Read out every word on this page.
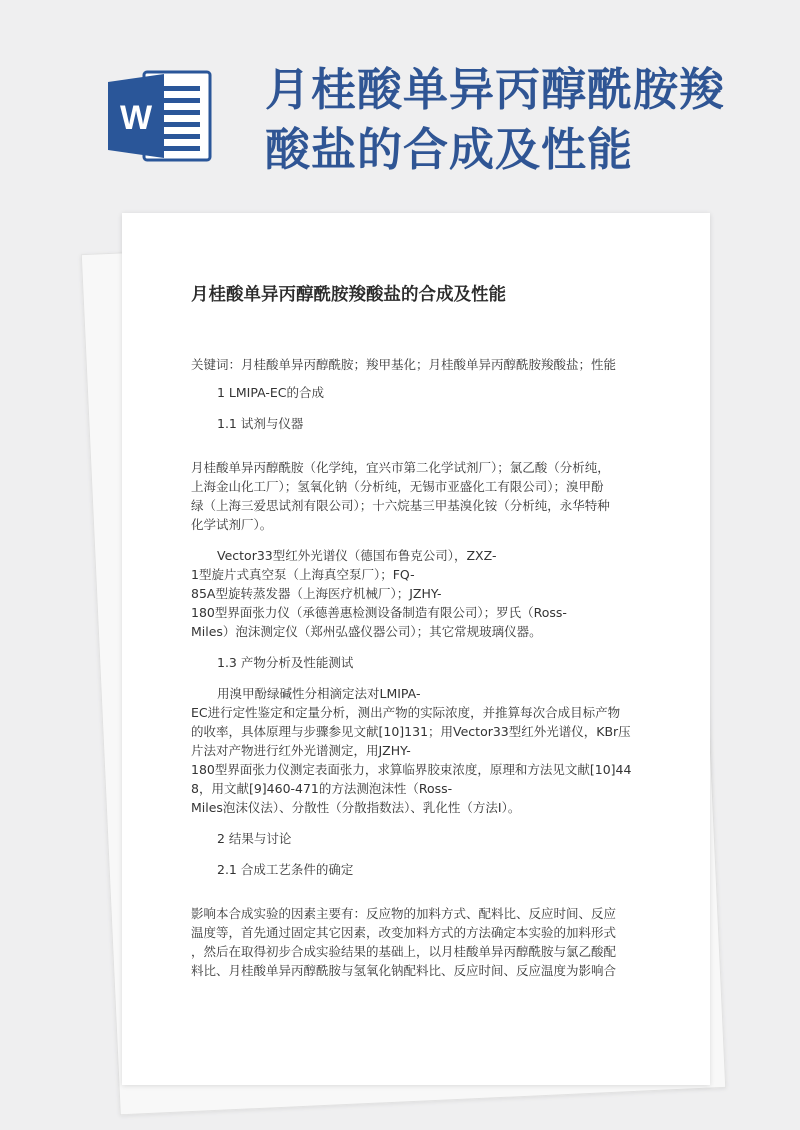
W
月桂酸单异丙醇酰胺羧
酸盐的合成及性能
月桂酸单异丙醇酰胺羧酸盐的合成及性能

关键词：月桂酸单异丙醇酰胺；羧甲基化；月桂酸单异丙醇酰胺羧酸盐；性能

1 LMIPA-EC的合成

1.1 试剂与仪器

月桂酸单异丙醇酰胺（化学纯，宜兴市第二化学试剂厂）；氯乙酸（分析纯，

上海金山化工厂）；氢氧化钠（分析纯，无锡市亚盛化工有限公司）；溴甲酚

绿（上海三爱思试剂有限公司）；十六烷基三甲基溴化铵（分析纯，永华特种

化学试剂厂）。

Vector33型红外光谱仪（德国布鲁克公司），ZXZ-

1型旋片式真空泵（上海真空泵厂）；FQ-

85A型旋转蒸发器（上海医疗机械厂）；JZHY-

180型界面张力仪（承德善惠检测设备制造有限公司）；罗氏（Ross-

Miles）泡沫测定仪（郑州弘盛仪器公司）；其它常规玻璃仪器。

1.3 产物分析及性能测试

用溴甲酚绿碱性分相滴定法对LMIPA-

EC进行定性鉴定和定量分析，测出产物的实际浓度，并推算每次合成目标产物

的收率，具体原理与步骤参见文献[10]131；用Vector33型红外光谱仪，KBr压

片法对产物进行红外光谱测定，用JZHY-

180型界面张力仪测定表面张力，求算临界胶束浓度，原理和方法见文献[10]44

8，用文献[9]460-471的方法测泡沫性（Ross-

Miles泡沫仪法）、分散性（分散指数法）、乳化性（方法Ⅰ）。

2 结果与讨论

2.1 合成工艺条件的确定

影响本合成实验的因素主要有：反应物的加料方式、配料比、反应时间、反应

温度等，首先通过固定其它因素，改变加料方式的方法确定本实验的加料形式

，然后在取得初步合成实验结果的基础上，以月桂酸单异丙醇酰胺与氯乙酸配

料比、月桂酸单异丙醇酰胺与氢氧化钠配料比、反应时间、反应温度为影响合
